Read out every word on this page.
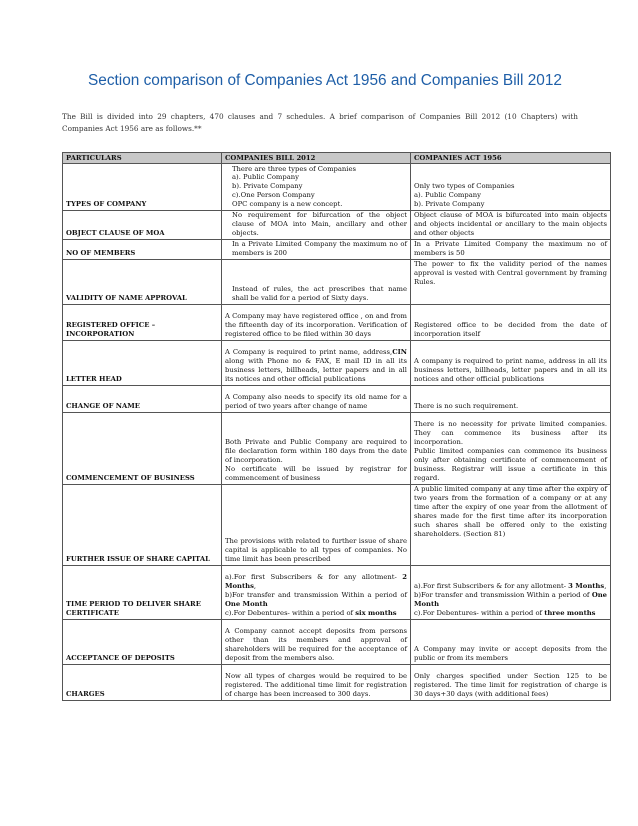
Section comparison of Companies Act 1956 and Companies Bill 2012

The Bill is divided into 29 chapters, 470 clauses and 7 schedules. A brief comparison of Companies Bill 2012 (10 Chapters) with Companies Act 1956 are as follows.**

PARTICULARS	COMPANIES BILL 2012	COMPANIES ACT 1956
TYPES OF COMPANY	There are three types of Companies
a). Public Company
b). Private Company
c).One Person Company
OPC company is a new concept.	Only two types of Companies
a). Public Company
b). Private Company
OBJECT CLAUSE OF MOA	No requirement for bifurcation of the object clause of MOA into Main, ancillary and other objects.	Object clause of MOA is bifurcated into main objects and objects incidental or ancillary to the main objects and other objects
NO OF MEMBERS	In a Private Limited Company the maximum no of members is 200	In a Private Limited Company the maximum no of members is 50
VALIDITY OF NAME APPROVAL	Instead of rules, the act prescribes that name shall be valid for a period of Sixty days.	The power to fix the validity period of the names approval is vested with Central government by framing Rules.
REGISTERED OFFICE – INCORPORATION	A Company may have registered office , on and from the fifteenth day of its incorporation. Verification of registered office to be filed within 30 days	Registered office to be decided from the date of incorporation itself
LETTER HEAD	A Company is required to print name, address,CIN along with Phone no & FAX, E mail ID in all its business letters, billheads, letter papers and in all its notices and other official publications	A company is required to print name, address in all its business letters, billheads, letter papers and in all its notices and other official publications
CHANGE OF NAME	A Company also needs to specify its old name for a period of two years after change of name	There is no such requirement.
COMMENCEMENT OF BUSINESS	Both Private and Public Company are required to file declaration form within 180 days from the date of incorporation.
No certificate will be issued by registrar for commencement of business	There is no necessity for private limited companies. They can commence its business after its incorporation.
Public limited companies can commence its business only after obtaining certificate of commencement of business. Registrar will issue a certificate in this regard.
FURTHER ISSUE OF SHARE CAPITAL	The provisions with related to further issue of share capital is applicable to all types of companies. No time limit has been prescribed	A public limited company at any time after the expiry of two years from the formation of a company or at any time after the expiry of one year from the allotment of shares made for the first time after its incorporation such shares shall be offered only to the existing shareholders. (Section 81)
TIME PERIOD TO DELIVER SHARE CERTIFICATE	a).For first Subscribers & for any allotment- 2 Months,
b)For transfer and transmission Within a period of One Month
c).For Debentures- within a period of six months	a).For first Subscribers & for any allotment- 3 Months,
b)For transfer and transmission Within a period of One Month
c).For Debentures- within a period of three months
ACCEPTANCE OF DEPOSITS	A Company cannot accept deposits from persons other than its members and approval of shareholders will be required for the acceptance of deposit from the members also.	A Company may invite or accept deposits from the public or from its members
CHARGES	Now all types of charges would be required to be registered. The additional time limit for registration of charge has been increased to 300 days.	Only charges specified under Section 125 to be registered. The time limit for registration of charge is 30 days+30 days (with additional fees)
